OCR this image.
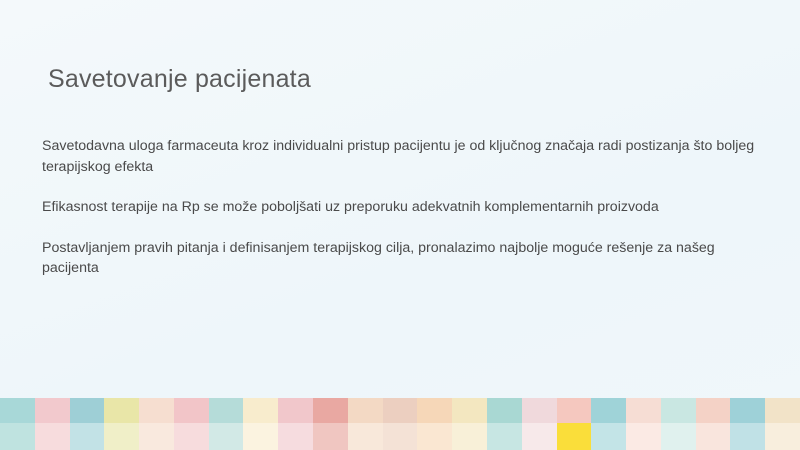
Savetovanje pacijenata

Savetodavna uloga farmaceuta kroz individualni pristup pacijentu je od ključnog značaja radi postizanja što boljeg terapijskog efekta

Efikasnost terapije na Rp se može poboljšati uz preporuku adekvatnih komplementarnih proizvoda

Postavljanjem pravih pitanja i definisanjem terapijskog cilja, pronalazimo najbolje moguće rešenje za našeg pacijenta
